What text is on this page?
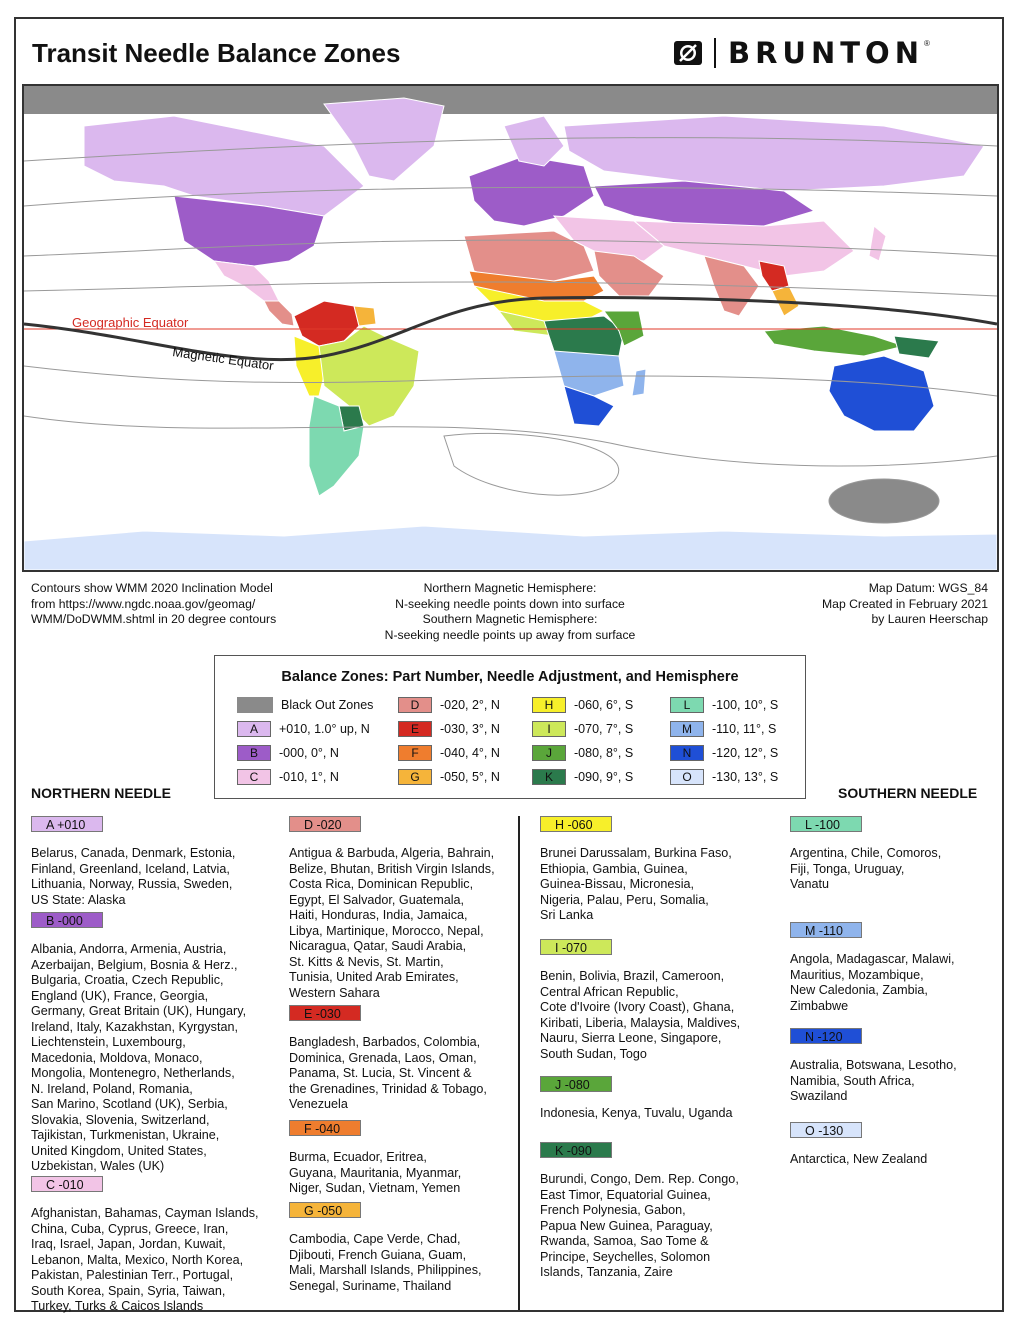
Transit Needle Balance Zones	BRUNTON ®
Geographic Equator
Magnetic Equator
Contours show WMM 2020 Inclination Model
from https://www.ngdc.noaa.gov/geomag/
WMM/DoDWMM.shtml in 20 degree contours
Northern Magnetic Hemisphere:
N-seeking needle points down into surface
Southern Magnetic Hemisphere:
N-seeking needle points up away from surface
Map Datum: WGS_84
Map Created in February 2021
by Lauren Heerschap
Balance Zones: Part Number, Needle Adjustment, and Hemisphere
Black Out Zones
A	+010, 1.0° up, N
B	-000, 0°, N
C	-010, 1°, N
D	-020, 2°, N
E	-030, 3°, N
F	-040, 4°, N
G	-050, 5°, N
H	-060, 6°, S
I	-070, 7°, S
J	-080, 8°, S
K	-090, 9°, S
L	-100, 10°, S
M	-110, 11°, S
N	-120, 12°, S
O	-130, 13°, S
NORTHERN NEEDLE	SOUTHERN NEEDLE
A +010
Belarus, Canada, Denmark, Estonia,
Finland, Greenland, Iceland, Latvia,
Lithuania, Norway, Russia, Sweden,
US State: Alaska
B -000
Albania, Andorra, Armenia, Austria,
Azerbaijan, Belgium, Bosnia & Herz.,
Bulgaria, Croatia, Czech Republic,
England (UK), France, Georgia,
Germany, Great Britain (UK), Hungary,
Ireland, Italy, Kazakhstan, Kyrgystan,
Liechtenstein, Luxembourg,
Macedonia, Moldova, Monaco,
Mongolia, Montenegro, Netherlands,
N. Ireland, Poland, Romania,
San Marino, Scotland (UK), Serbia,
Slovakia, Slovenia, Switzerland,
Tajikistan, Turkmenistan, Ukraine,
United Kingdom, United States,
Uzbekistan, Wales (UK)
C -010
Afghanistan, Bahamas, Cayman Islands,
China, Cuba, Cyprus, Greece, Iran,
Iraq, Israel, Japan, Jordan, Kuwait,
Lebanon, Malta, Mexico, North Korea,
Pakistan, Palestinian Terr., Portugal,
South Korea, Spain, Syria, Taiwan,
Turkey, Turks & Caicos Islands
D -020
Antigua & Barbuda, Algeria, Bahrain,
Belize, Bhutan, British Virgin Islands,
Costa Rica, Dominican Republic,
Egypt, El Salvador, Guatemala,
Haiti, Honduras, India, Jamaica,
Libya, Martinique, Morocco, Nepal,
Nicaragua, Qatar, Saudi Arabia,
St. Kitts & Nevis, St. Martin,
Tunisia, United Arab Emirates,
Western Sahara
E -030
Bangladesh, Barbados, Colombia,
Dominica, Grenada, Laos, Oman,
Panama, St. Lucia, St. Vincent &
the Grenadines, Trinidad & Tobago,
Venezuela
F -040
Burma, Ecuador, Eritrea,
Guyana, Mauritania, Myanmar,
Niger, Sudan, Vietnam, Yemen
G -050
Cambodia, Cape Verde, Chad,
Djibouti, French Guiana, Guam,
Mali, Marshall Islands, Philippines,
Senegal, Suriname, Thailand
H -060
Brunei Darussalam, Burkina Faso,
Ethiopia, Gambia, Guinea,
Guinea-Bissau, Micronesia,
Nigeria, Palau, Peru, Somalia,
Sri Lanka
I -070
Benin, Bolivia, Brazil, Cameroon,
Central African Republic,
Cote d'Ivoire (Ivory Coast), Ghana,
Kiribati, Liberia, Malaysia, Maldives,
Nauru, Sierra Leone, Singapore,
South Sudan, Togo
J -080
Indonesia, Kenya, Tuvalu, Uganda
K -090
Burundi, Congo, Dem. Rep. Congo,
East Timor, Equatorial Guinea,
French Polynesia, Gabon,
Papua New Guinea, Paraguay,
Rwanda, Samoa, Sao Tome &
Principe, Seychelles, Solomon
Islands, Tanzania, Zaire
L -100
Argentina, Chile, Comoros,
Fiji, Tonga, Uruguay,
Vanatu
M -110
Angola, Madagascar, Malawi,
Mauritius, Mozambique,
New Caledonia, Zambia,
Zimbabwe
N -120
Australia, Botswana, Lesotho,
Namibia, South Africa,
Swaziland
O -130
Antarctica, New Zealand
